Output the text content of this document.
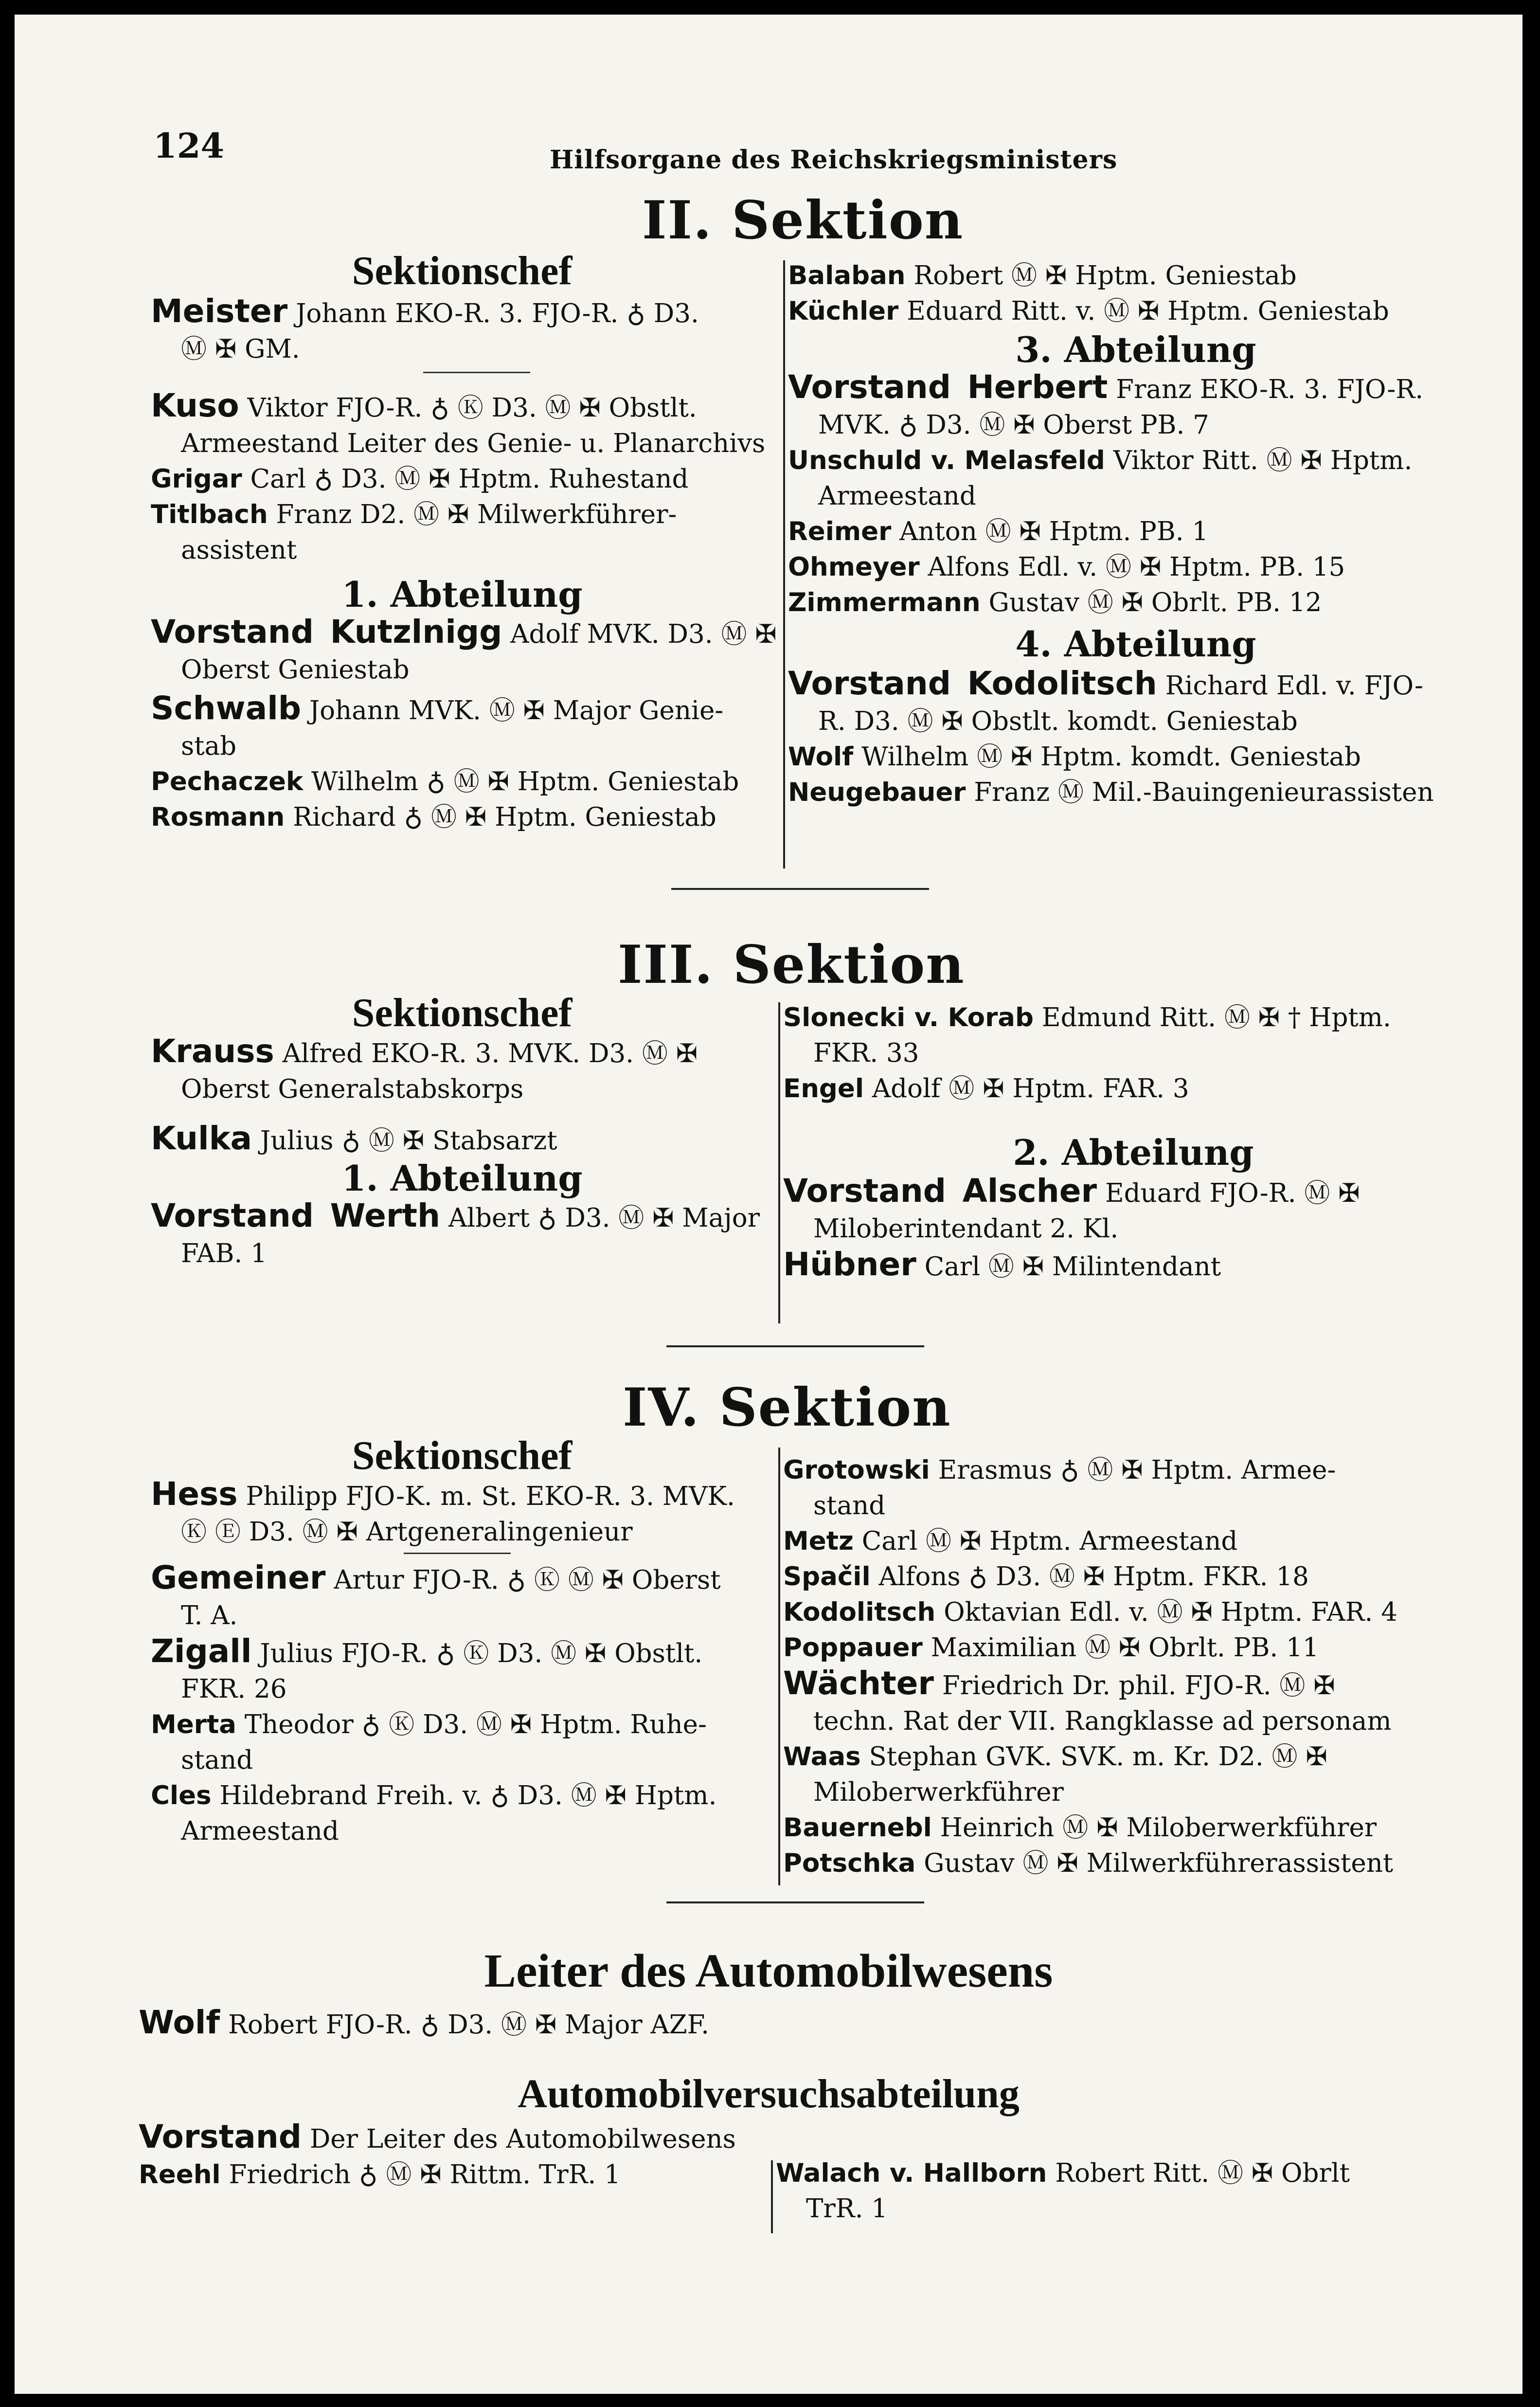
124	Hilfsorgane des Reichskriegsministers
II. Sektion
Sektionschef

Meister Johann EKO-R. 3. FJO-R. ♁ D3.

Ⓜ ✠ GM.

Kuso Viktor FJO-R. ♁ Ⓚ D3. Ⓜ ✠ Obstlt.

Armeestand Leiter des Genie- u. Planarchivs

Grigar Carl ♁ D3. Ⓜ ✠ Hptm. Ruhestand

Titlbach Franz D2. Ⓜ ✠ Milwerkführer-

assistent

1. Abteilung

Vorstand Kutzlnigg Adolf MVK. D3. Ⓜ ✠

Oberst Geniestab

Schwalb Johann MVK. Ⓜ ✠ Major Genie-

stab

Pechaczek Wilhelm ♁ Ⓜ ✠ Hptm. Geniestab

Rosmann Richard ♁ Ⓜ ✠ Hptm. Geniestab

Balaban Robert Ⓜ ✠ Hptm. Geniestab

Küchler Eduard Ritt. v. Ⓜ ✠ Hptm. Geniestab

3. Abteilung

Vorstand Herbert Franz EKO-R. 3. FJO-R.

MVK. ♁ D3. Ⓜ ✠ Oberst PB. 7

Unschuld v. Melasfeld Viktor Ritt. Ⓜ ✠ Hptm.

Armeestand

Reimer Anton Ⓜ ✠ Hptm. PB. 1

Ohmeyer Alfons Edl. v. Ⓜ ✠ Hptm. PB. 15

Zimmermann Gustav Ⓜ ✠ Obrlt. PB. 12

4. Abteilung

Vorstand Kodolitsch Richard Edl. v. FJO-

R. D3. Ⓜ ✠ Obstlt. komdt. Geniestab

Wolf Wilhelm Ⓜ ✠ Hptm. komdt. Geniestab

Neugebauer Franz Ⓜ Mil.-Bauingenieurassisten

III. Sektion
Sektionschef

Krauss Alfred EKO-R. 3. MVK. D3. Ⓜ ✠

Oberst Generalstabskorps

Kulka Julius ♁ Ⓜ ✠ Stabsarzt

1. Abteilung

Vorstand Werth Albert ♁ D3. Ⓜ ✠ Major

FAB. 1

Slonecki v. Korab Edmund Ritt. Ⓜ ✠ † Hptm.

FKR. 33

Engel Adolf Ⓜ ✠ Hptm. FAR. 3

2. Abteilung

Vorstand Alscher Eduard FJO-R. Ⓜ ✠

Miloberintendant 2. Kl.

Hübner Carl Ⓜ ✠ Milintendant

IV. Sektion
Sektionschef

Hess Philipp FJO-K. m. St. EKO-R. 3. MVK.

Ⓚ Ⓔ D3. Ⓜ ✠ Artgeneralingenieur

Gemeiner Artur FJO-R. ♁ Ⓚ Ⓜ ✠ Oberst

T. A.

Zigall Julius FJO-R. ♁ Ⓚ D3. Ⓜ ✠ Obstlt.

FKR. 26

Merta Theodor ♁ Ⓚ D3. Ⓜ ✠ Hptm. Ruhe-

stand

Cles Hildebrand Freih. v. ♁ D3. Ⓜ ✠ Hptm.

Armeestand

Grotowski Erasmus ♁ Ⓜ ✠ Hptm. Armee-

stand

Metz Carl Ⓜ ✠ Hptm. Armeestand

Spačil Alfons ♁ D3. Ⓜ ✠ Hptm. FKR. 18

Kodolitsch Oktavian Edl. v. Ⓜ ✠ Hptm. FAR. 4

Poppauer Maximilian Ⓜ ✠ Obrlt. PB. 11

Wächter Friedrich Dr. phil. FJO-R. Ⓜ ✠

techn. Rat der VII. Rangklasse ad personam

Waas Stephan GVK. SVK. m. Kr. D2. Ⓜ ✠

Miloberwerkführer

Bauernebl Heinrich Ⓜ ✠ Miloberwerkführer

Potschka Gustav Ⓜ ✠ Milwerkführerassistent

Leiter des Automobilwesens

Wolf Robert FJO-R. ♁ D3. Ⓜ ✠ Major AZF.

Automobilversuchsabteilung

Vorstand Der Leiter des Automobilwesens

Reehl Friedrich ♁ Ⓜ ✠ Rittm. TrR. 1	Walach v. Hallborn Robert Ritt. Ⓜ ✠ Obrlt

TrR. 1
